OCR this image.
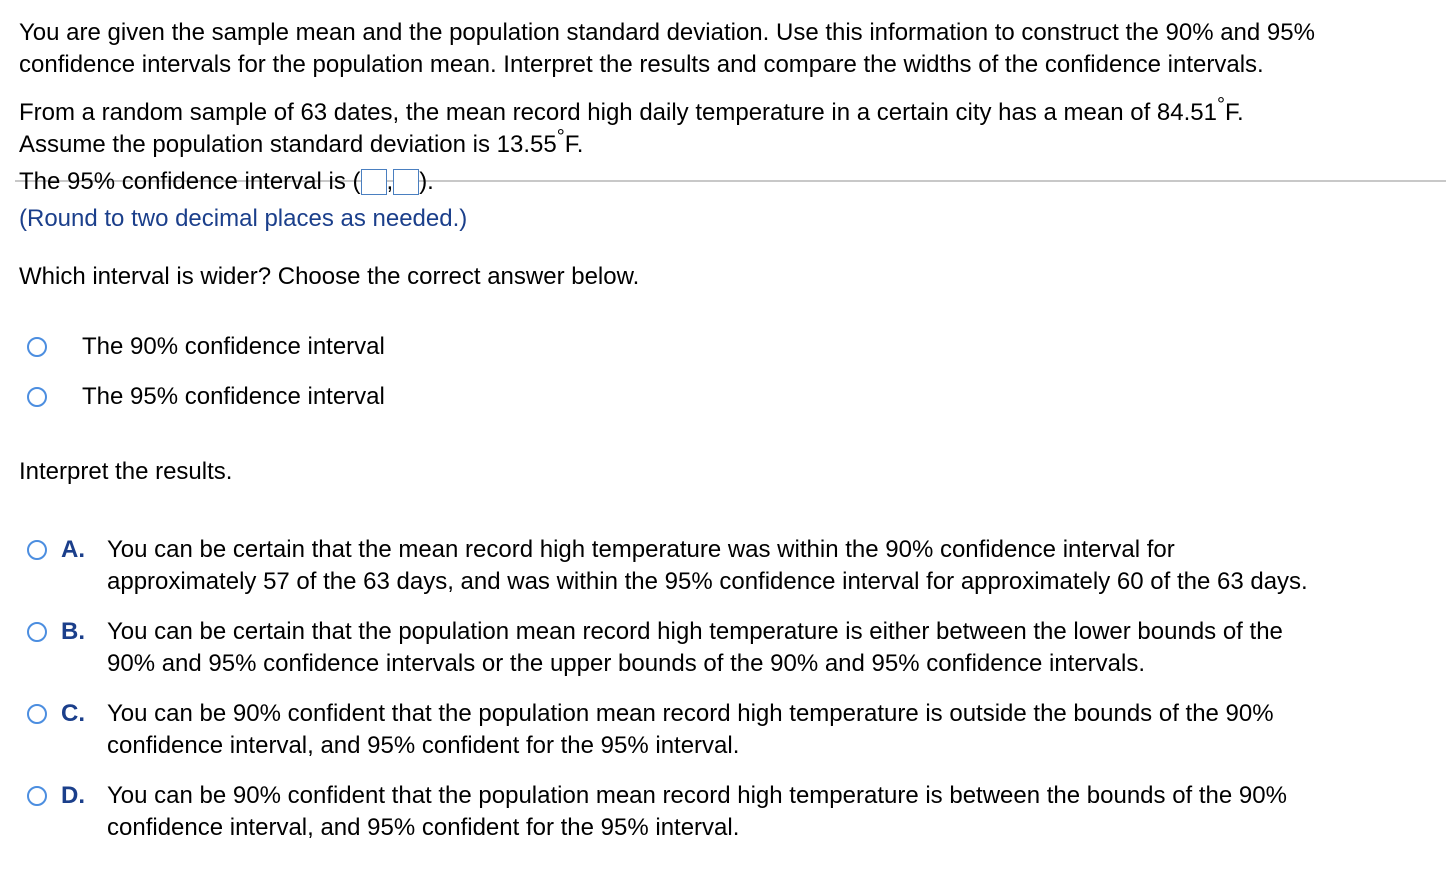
You are given the sample mean and the population standard deviation. Use this information to construct the 90% and 95%
confidence intervals for the population mean. Interpret the results and compare the widths of the confidence intervals.
From a random sample of 63 dates, the mean record high daily temperature in a certain city has a mean of 84.51°F.
Assume the population standard deviation is 13.55°F.
The 95% confidence interval is ( , ).
(Round to two decimal places as needed.)
Which interval is wider? Choose the correct answer below.
The 90% confidence interval
The 95% confidence interval
Interpret the results.
A. You can be certain that the mean record high temperature was within the 90% confidence interval for
approximately 57 of the 63 days, and was within the 95% confidence interval for approximately 60 of the 63 days.
B. You can be certain that the population mean record high temperature is either between the lower bounds of the
90% and 95% confidence intervals or the upper bounds of the 90% and 95% confidence intervals.
C. You can be 90% confident that the population mean record high temperature is outside the bounds of the 90%
confidence interval, and 95% confident for the 95% interval.
D. You can be 90% confident that the population mean record high temperature is between the bounds of the 90%
confidence interval, and 95% confident for the 95% interval.
